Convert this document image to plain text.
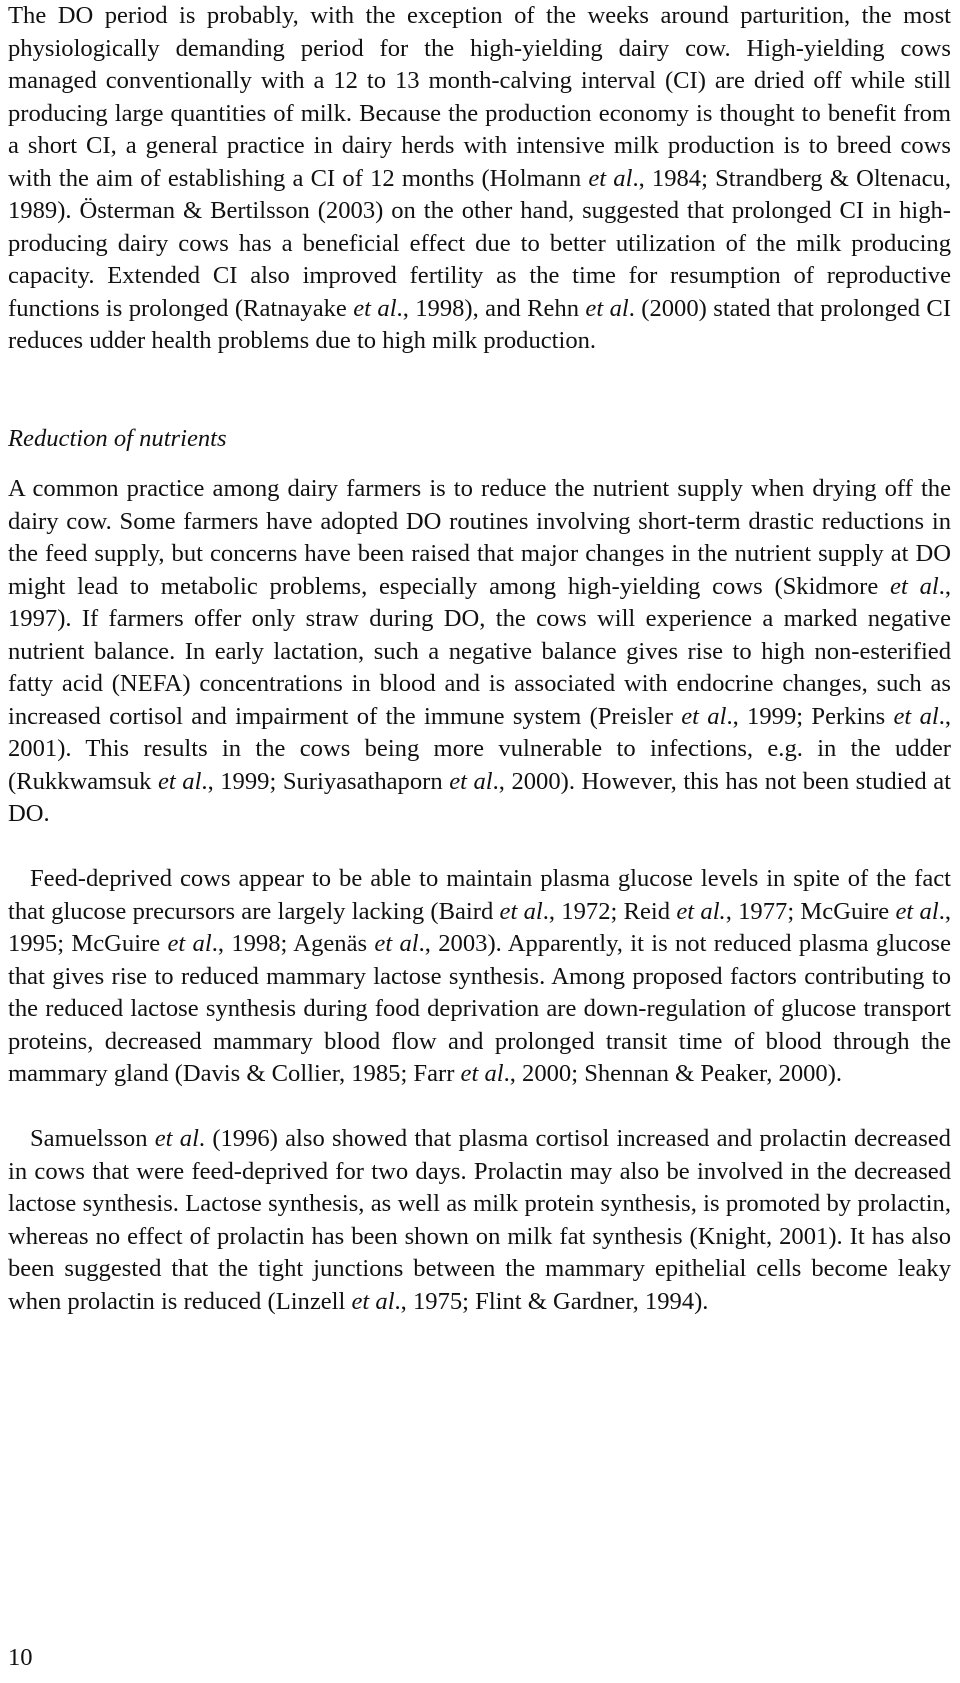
The DO period is probably, with the exception of the weeks around parturition, the most physiologically demanding period for the high-yielding dairy cow. High-yielding cows managed conventionally with a 12 to 13 month-calving interval (CI) are dried off while still producing large quantities of milk. Because the production economy is thought to benefit from a short CI, a general practice in dairy herds with intensive milk production is to breed cows with the aim of establishing a CI of 12 months (Holmann et al., 1984; Strandberg & Oltenacu, 1989). Österman & Bertilsson (2003) on the other hand, suggested that prolonged CI in high-producing dairy cows has a beneficial effect due to better utilization of the milk producing capacity. Extended CI also improved fertility as the time for resumption of reproductive functions is prolonged (Ratnayake et al., 1998), and Rehn et al. (2000) stated that prolonged CI reduces udder health problems due to high milk production.

Reduction of nutrients

A common practice among dairy farmers is to reduce the nutrient supply when drying off the dairy cow. Some farmers have adopted DO routines involving short-term drastic reductions in the feed supply, but concerns have been raised that major changes in the nutrient supply at DO might lead to metabolic problems, especially among high-yielding cows (Skidmore et al., 1997). If farmers offer only straw during DO, the cows will experience a marked negative nutrient balance. In early lactation, such a negative balance gives rise to high non-esterified fatty acid (NEFA) concentrations in blood and is associated with endocrine changes, such as increased cortisol and impairment of the immune system (Preisler et al., 1999; Perkins et al., 2001). This results in the cows being more vulnerable to infections, e.g. in the udder (Rukkwamsuk et al., 1999; Suriyasathaporn et al., 2000). However, this has not been studied at DO.

Feed-deprived cows appear to be able to maintain plasma glucose levels in spite of the fact that glucose precursors are largely lacking (Baird et al., 1972; Reid et al., 1977; McGuire et al., 1995; McGuire et al., 1998; Agenäs et al., 2003). Apparently, it is not reduced plasma glucose that gives rise to reduced mammary lactose synthesis. Among proposed factors contributing to the reduced lactose synthesis during food deprivation are down-regulation of glucose transport proteins, decreased mammary blood flow and prolonged transit time of blood through the mammary gland (Davis & Collier, 1985; Farr et al., 2000; Shennan & Peaker, 2000).

Samuelsson et al. (1996) also showed that plasma cortisol increased and prolactin decreased in cows that were feed-deprived for two days. Prolactin may also be involved in the decreased lactose synthesis. Lactose synthesis, as well as milk protein synthesis, is promoted by prolactin, whereas no effect of prolactin has been shown on milk fat synthesis (Knight, 2001). It has also been suggested that the tight junctions between the mammary epithelial cells become leaky when prolactin is reduced (Linzell et al., 1975; Flint & Gardner, 1994).

10
